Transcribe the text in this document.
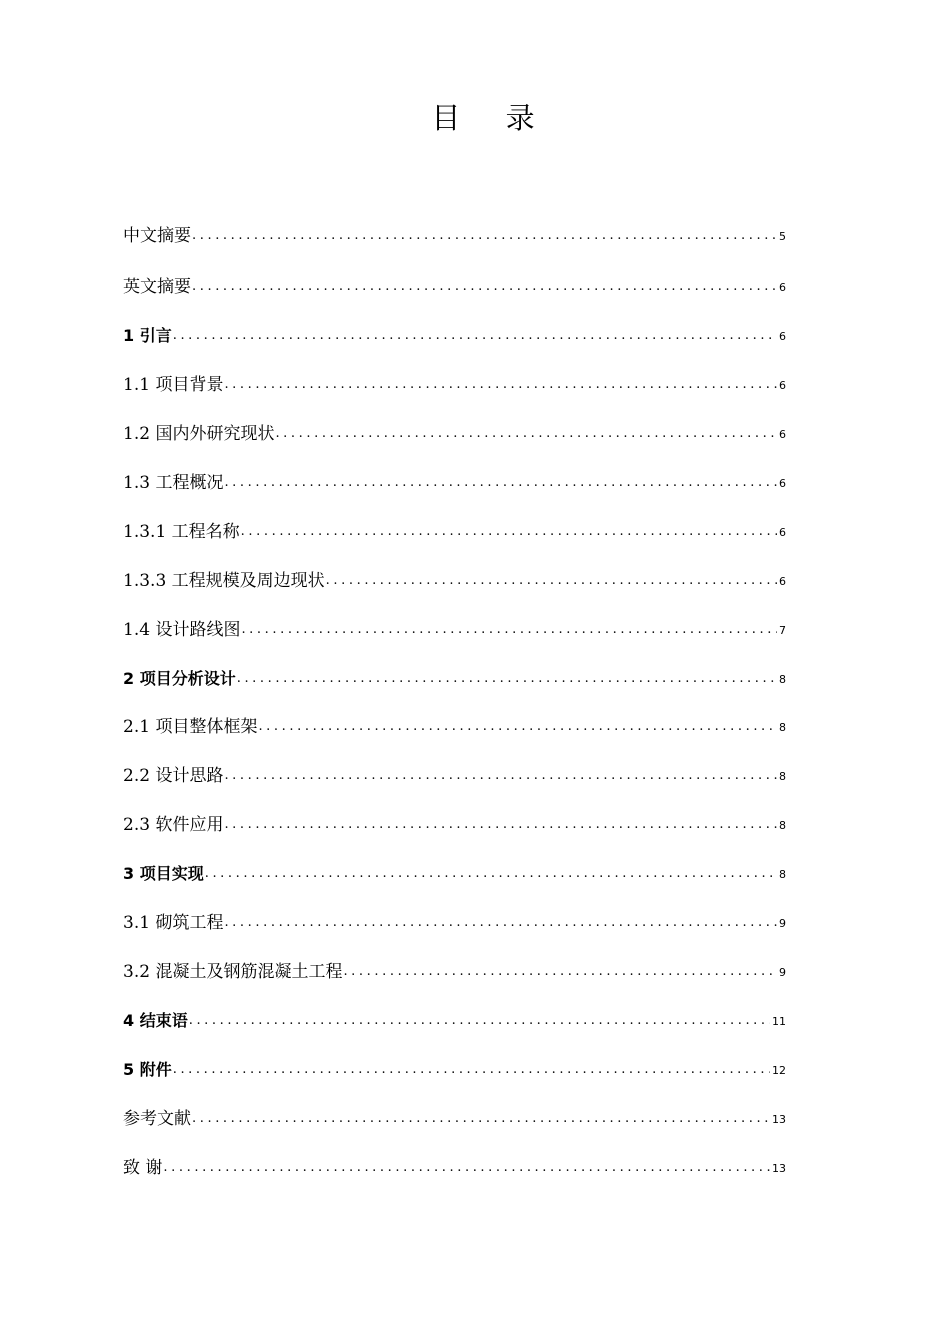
目 录
中文摘要 .....	5
英文摘要 .....	6
1 引言 .....	6
1.1 项目背景 .....	6
1.2 国内外研究现状 .....	6
1.3 工程概况 .....	6
1.3.1 工程名称 .....	6
1.3.3 工程规模及周边现状 .....	6
1.4 设计路线图 .....	7
2 项目分析设计 .....	8
2.1 项目整体框架 .....	8
2.2 设计思路 .....	8
2.3 软件应用 .....	8
3 项目实现 .....	8
3.1 砌筑工程 .....	9
3.2 混凝土及钢筋混凝土工程 .....	9
4 结束语 .....	11
5 附件 .....	12
参考文献 .....	13
致 谢 .....	13
